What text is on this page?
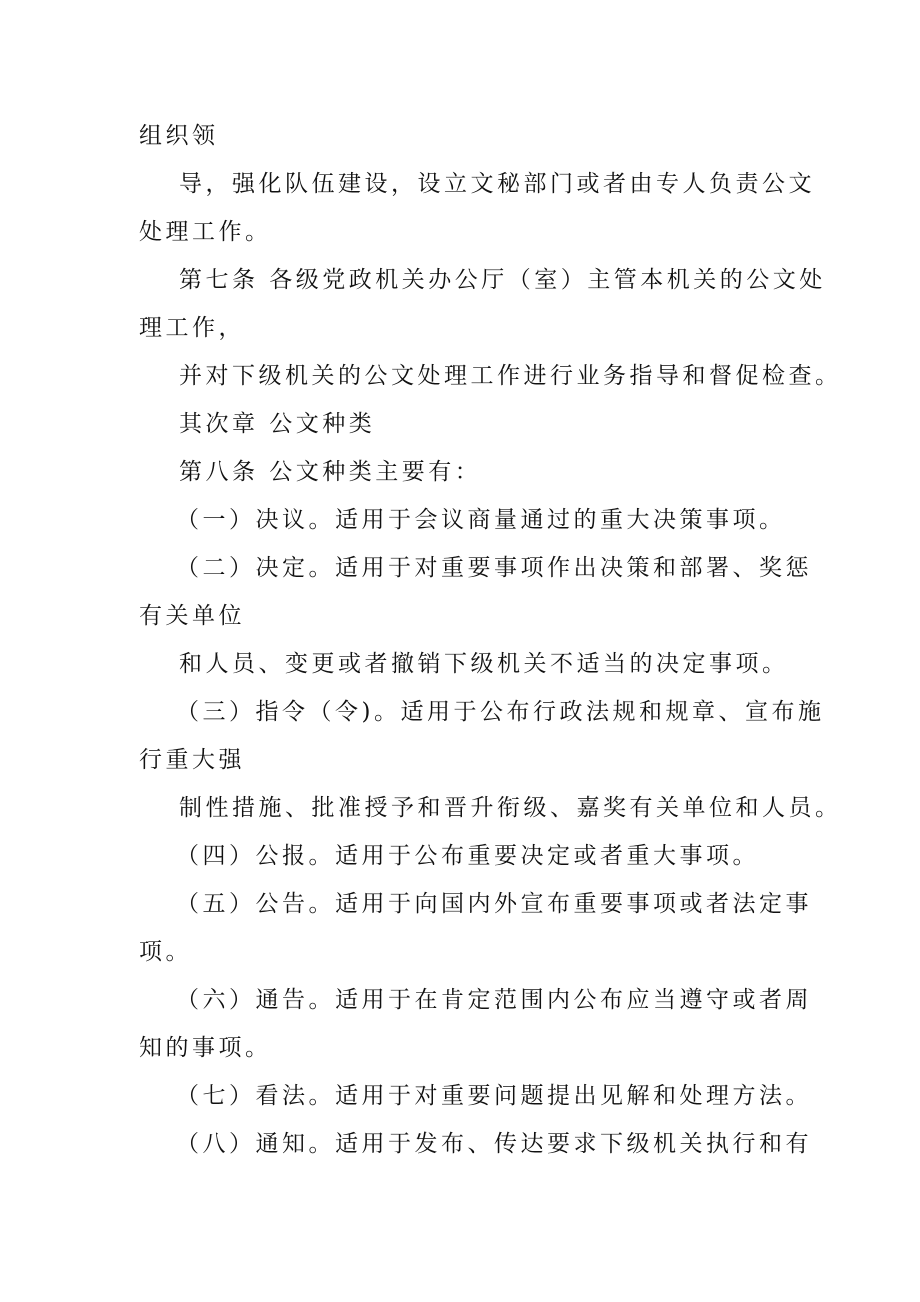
组织领
导，强化队伍建设，设立文秘部门或者由专人负责公文
处理工作。
第七条 各级党政机关办公厅（室）主管本机关的公文处
理工作，
并对下级机关的公文处理工作进行业务指导和督促检查。
其次章 公文种类
第八条 公文种类主要有：
（一）决议。适用于会议商量通过的重大决策事项。
（二）决定。适用于对重要事项作出决策和部署、奖惩
有关单位
和人员、变更或者撤销下级机关不适当的决定事项。
（三）指令（令)。适用于公布行政法规和规章、宣布施
行重大强
制性措施、批准授予和晋升衔级、嘉奖有关单位和人员。
（四）公报。适用于公布重要决定或者重大事项。
（五）公告。适用于向国内外宣布重要事项或者法定事
项。
（六）通告。适用于在肯定范围内公布应当遵守或者周
知的事项。
（七）看法。适用于对重要问题提出见解和处理方法。
（八）通知。适用于发布、传达要求下级机关执行和有
